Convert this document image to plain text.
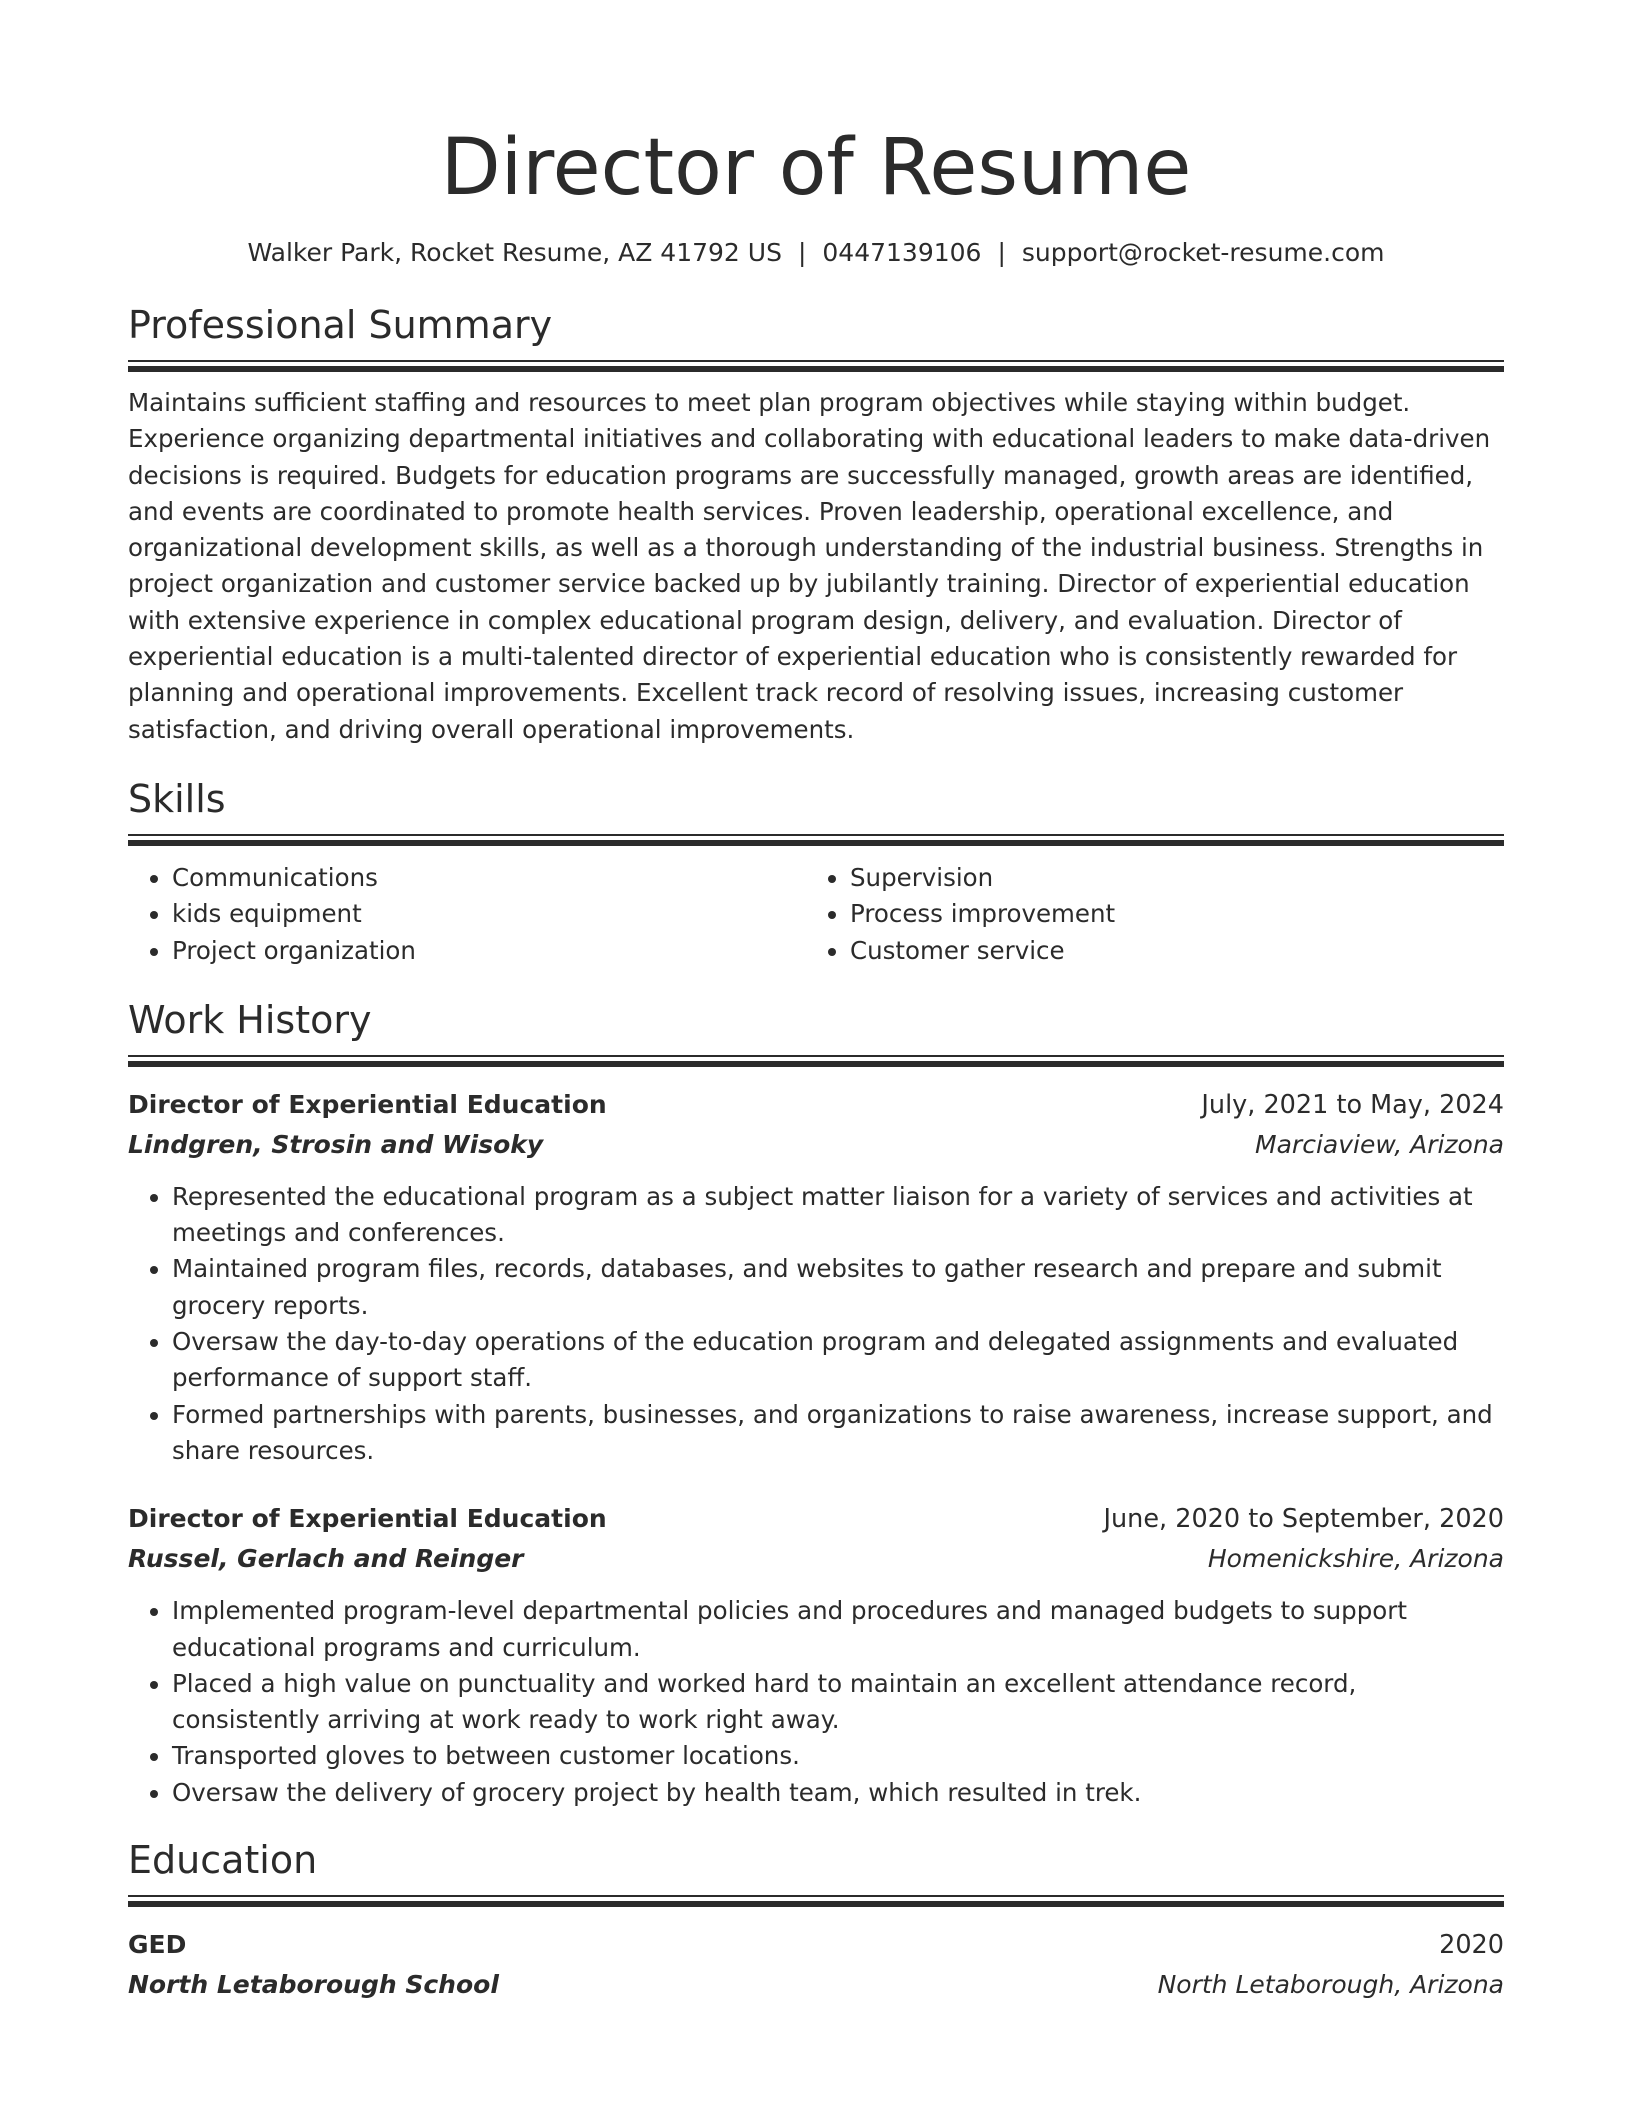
Director of Resume
Walker Park, Rocket Resume, AZ 41792 US | 0447139106 | support@rocket-resume.com
Professional Summary

Maintains sufficient staffing and resources to meet plan program objectives while staying within budget. Experience organizing departmental initiatives and collaborating with educational leaders to make data-driven decisions is required. Budgets for education programs are successfully managed, growth areas are identified, and events are coordinated to promote health services. Proven leadership, operational excellence, and organizational development skills, as well as a thorough understanding of the industrial business. Strengths in project organization and customer service backed up by jubilantly training. Director of experiential education with extensive experience in complex educational program design, delivery, and evaluation. Director of experiential education is a multi-talented director of experiential education who is consistently rewarded for planning and operational improvements. Excellent track record of resolving issues, increasing customer satisfaction, and driving overall operational improvements.

Skills
• Communications
• kids equipment
• Project organization
• Supervision
• Process improvement
• Customer service
Work History
Director of Experiential Education	July, 2021 to May, 2024
Lindgren, Strosin and Wisoky	Marciaview, Arizona
• Represented the educational program as a subject matter liaison for a variety of services and activities at meetings and conferences.
• Maintained program files, records, databases, and websites to gather research and prepare and submit grocery reports.
• Oversaw the day-to-day operations of the education program and delegated assignments and evaluated performance of support staff.
• Formed partnerships with parents, businesses, and organizations to raise awareness, increase support, and share resources.
Director of Experiential Education	June, 2020 to September, 2020
Russel, Gerlach and Reinger	Homenickshire, Arizona
• Implemented program-level departmental policies and procedures and managed budgets to support educational programs and curriculum.
• Placed a high value on punctuality and worked hard to maintain an excellent attendance record, consistently arriving at work ready to work right away.
• Transported gloves to between customer locations.
• Oversaw the delivery of grocery project by health team, which resulted in trek.
Education
GED	2020
North Letaborough School	North Letaborough, Arizona
